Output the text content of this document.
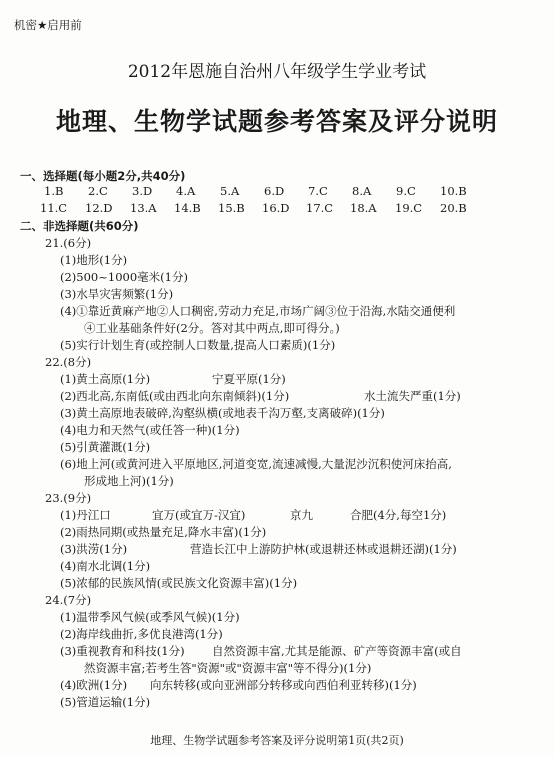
机密★启用前
2012年恩施自治州八年级学生学业考试
地理、生物学试题参考答案及评分说明
一、选择题(每小题2分,共40分)
1.B 2.C 3.D 4.A 5.A 6.D 7.C 8.A 9.C 10.B
11.C 12.D 13.A 14.B 15.B 16.D 17.C 18.A 19.C 20.B
二、非选择题(共60分)
21.(6分)
(1)地形(1分)
(2)500~1000毫米(1分)
(3)水旱灾害频繁(1分)
(4)①靠近黄麻产地②人口稠密,劳动力充足,市场广阔③位于沿海,水陆交通便利
④工业基础条件好(2分。答对其中两点,即可得分。)
(5)实行计划生育(或控制人口数量,提高人口素质)(1分)
22.(8分)
(1)黄土高原(1分)	宁夏平原(1分)
(2)西北高,东南低(或由西北向东南倾斜)(1分)	水土流失严重(1分)
(3)黄土高原地表破碎,沟壑纵横(或地表千沟万壑,支离破碎)(1分)
(4)电力和天然气(或任答一种)(1分)
(5)引黄灌溉(1分)
(6)地上河(或黄河进入平原地区,河道变宽,流速减慢,大量泥沙沉积使河床抬高,
形成地上河)(1分)
23.(9分)
(1)丹江口	宜万(或宜万-汉宜)	京九	合肥(4分,每空1分)
(2)雨热同期(或热量充足,降水丰富)(1分)
(3)洪涝(1分)	营造长江中上游防护林(或退耕还林或退耕还湖)(1分)
(4)南水北调(1分)
(5)浓郁的民族风情(或民族文化资源丰富)(1分)
24.(7分)
(1)温带季风气候(或季风气候)(1分)
(2)海岸线曲折,多优良港湾(1分)
(3)重视教育和科技(1分) 自然资源丰富,尤其是能源、矿产等资源丰富(或自
然资源丰富;若考生答"资源"或"资源丰富"等不得分)(1分)
(4)欧洲(1分) 向东转移(或向亚洲部分转移或向西伯利亚转移)(1分)
(5)管道运输(1分)
地理、生物学试题参考答案及评分说明第1页(共2页)
